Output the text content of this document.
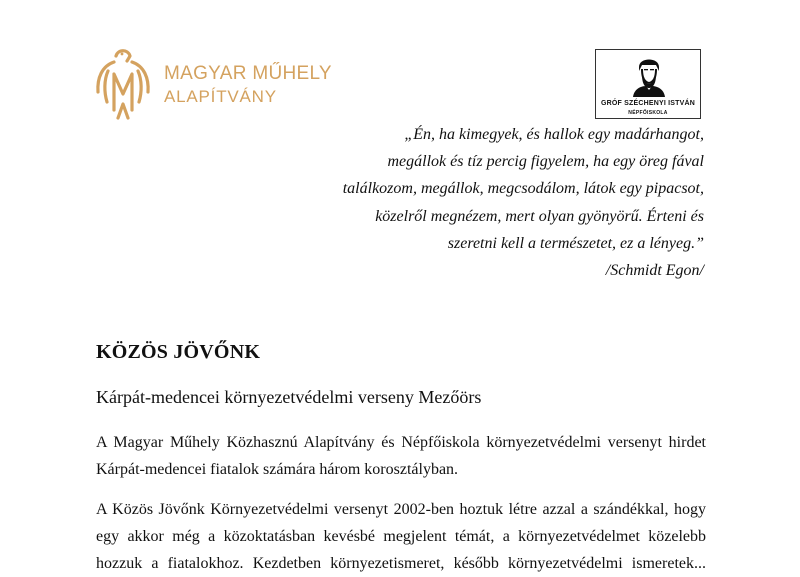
MAGYAR MŰHELY
ALAPÍTVÁNY	GRÓF SZÉCHENYI ISTVÁN
NÉPFŐISKOLA
„Én, ha kimegyek, és hallok egy madárhangot,
megállok és tíz percig figyelem, ha egy öreg fával
találkozom, megállok, megcsodálom, látok egy pipacsot,
közelről megnézem, mert olyan gyönyörű. Érteni és
szeretni kell a természetet, ez a lényeg.”
/Schmidt Egon/
KÖZÖS JÖVŐNK
Kárpát-medencei környezetvédelmi verseny Mezőörs
A Magyar Műhely Közhasznú Alapítvány és Népfőiskola környezetvédelmi versenyt hirdet
Kárpát-medencei fiatalok számára három korosztályban.
A Közös Jövőnk Környezetvédelmi versenyt 2002-ben hoztuk létre azzal a szándékkal, hogy
egy akkor még a közoktatásban kevésbé megjelent témát, a környezetvédelmet közelebb
hozzuk a fiatalokhoz. Kezdetben környezetismeret, később környezetvédelmi ismeretek...
